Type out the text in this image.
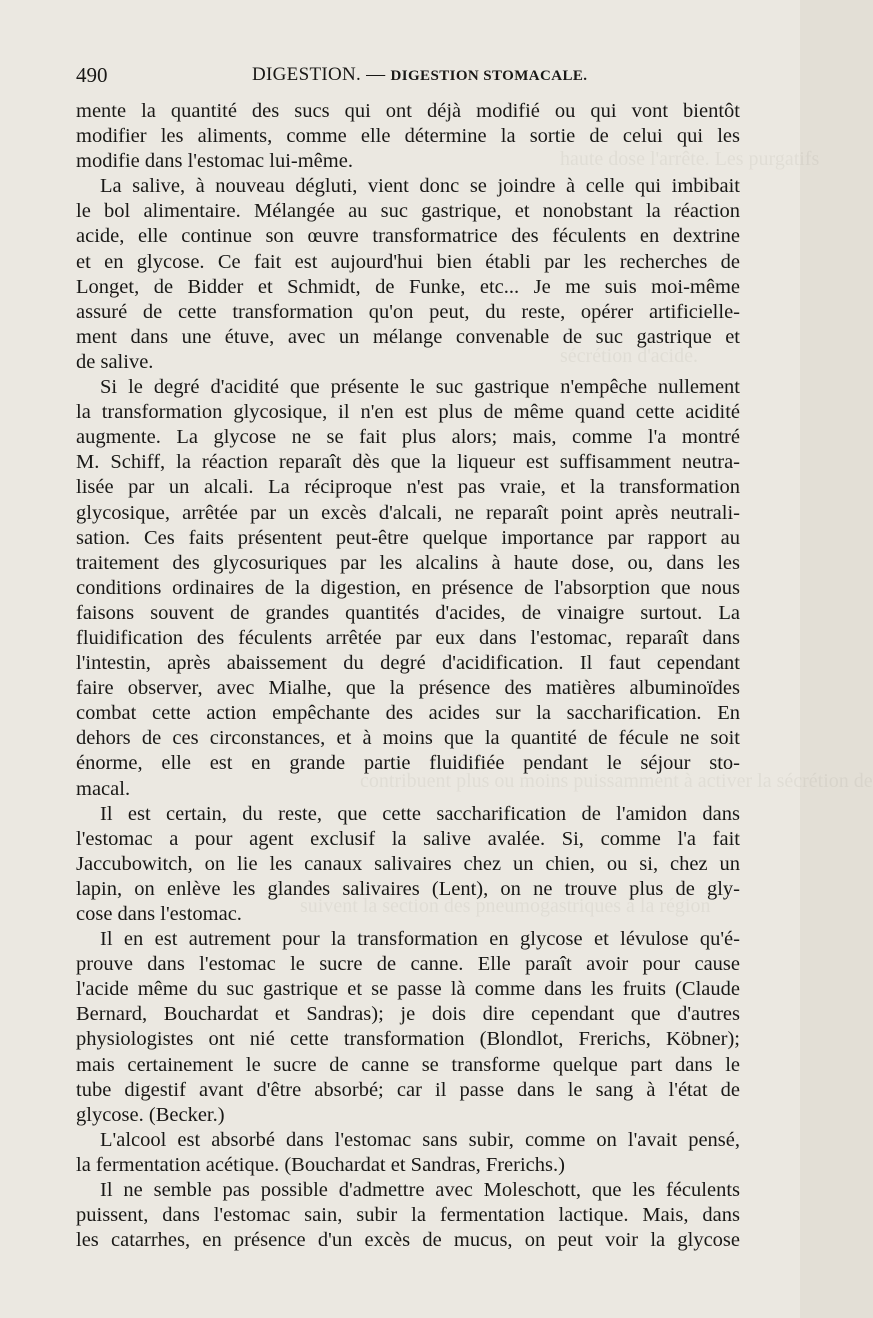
haute dose l'arrête. Les purgatifs
sécrétion d'acide.
contribuent plus ou moins puissamment à activer la sécrétion de
suivent la section des pneumogastriques à la région
490	DIGESTION. — DIGESTION STOMACALE.
mente la quantité des sucs qui ont déjà modifié ou qui vont bientôt
modifier les aliments, comme elle détermine la sortie de celui qui les
modifie dans l'estomac lui-même.
La salive, à nouveau dégluti, vient donc se joindre à celle qui imbibait
le bol alimentaire. Mélangée au suc gastrique, et nonobstant la réaction
acide, elle continue son œuvre transformatrice des féculents en dextrine
et en glycose. Ce fait est aujourd'hui bien établi par les recherches de
Longet, de Bidder et Schmidt, de Funke, etc... Je me suis moi-même
assuré de cette transformation qu'on peut, du reste, opérer artificielle-
ment dans une étuve, avec un mélange convenable de suc gastrique et
de salive.
Si le degré d'acidité que présente le suc gastrique n'empêche nullement
la transformation glycosique, il n'en est plus de même quand cette acidité
augmente. La glycose ne se fait plus alors; mais, comme l'a montré
M. Schiff, la réaction reparaît dès que la liqueur est suffisamment neutra-
lisée par un alcali. La réciproque n'est pas vraie, et la transformation
glycosique, arrêtée par un excès d'alcali, ne reparaît point après neutrali-
sation. Ces faits présentent peut-être quelque importance par rapport au
traitement des glycosuriques par les alcalins à haute dose, ou, dans les
conditions ordinaires de la digestion, en présence de l'absorption que nous
faisons souvent de grandes quantités d'acides, de vinaigre surtout. La
fluidification des féculents arrêtée par eux dans l'estomac, reparaît dans
l'intestin, après abaissement du degré d'acidification. Il faut cependant
faire observer, avec Mialhe, que la présence des matières albuminoïdes
combat cette action empêchante des acides sur la saccharification. En
dehors de ces circonstances, et à moins que la quantité de fécule ne soit
énorme, elle est en grande partie fluidifiée pendant le séjour sto-
macal.
Il est certain, du reste, que cette saccharification de l'amidon dans
l'estomac a pour agent exclusif la salive avalée. Si, comme l'a fait
Jaccubowitch, on lie les canaux salivaires chez un chien, ou si, chez un
lapin, on enlève les glandes salivaires (Lent), on ne trouve plus de gly-
cose dans l'estomac.
Il en est autrement pour la transformation en glycose et lévulose qu'é-
prouve dans l'estomac le sucre de canne. Elle paraît avoir pour cause
l'acide même du suc gastrique et se passe là comme dans les fruits (Claude
Bernard, Bouchardat et Sandras); je dois dire cependant que d'autres
physiologistes ont nié cette transformation (Blondlot, Frerichs, Köbner);
mais certainement le sucre de canne se transforme quelque part dans le
tube digestif avant d'être absorbé; car il passe dans le sang à l'état de
glycose. (Becker.)
L'alcool est absorbé dans l'estomac sans subir, comme on l'avait pensé,
la fermentation acétique. (Bouchardat et Sandras, Frerichs.)
Il ne semble pas possible d'admettre avec Moleschott, que les féculents
puissent, dans l'estomac sain, subir la fermentation lactique. Mais, dans
les catarrhes, en présence d'un excès de mucus, on peut voir la glycose
